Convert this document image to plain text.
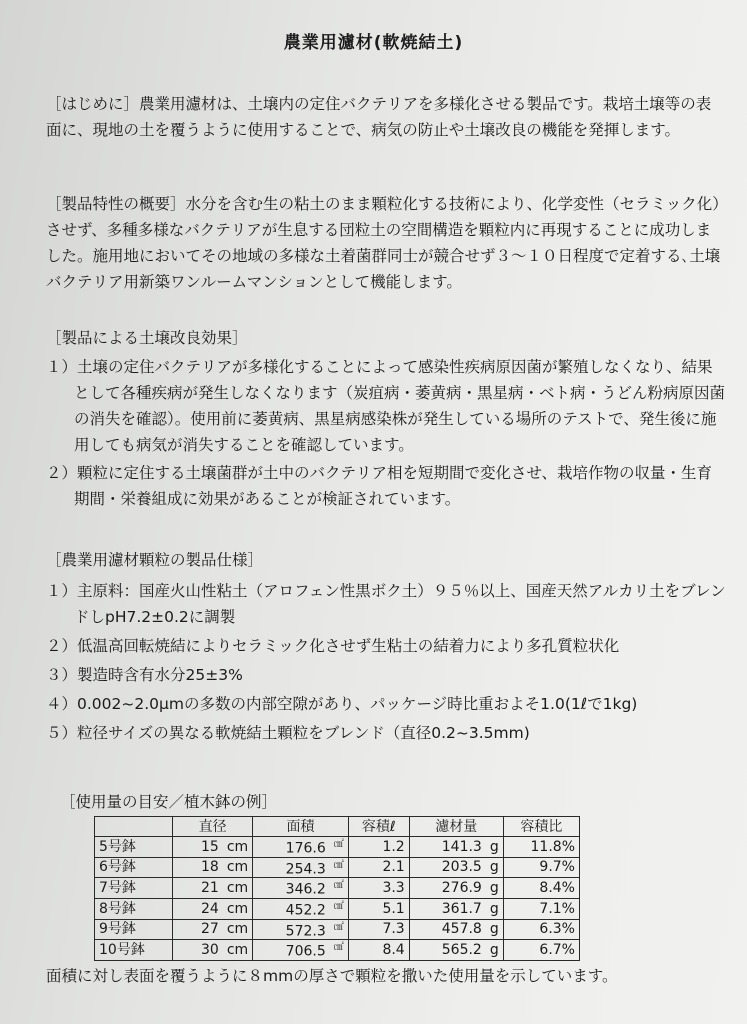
農業用濾材(軟焼結土)

［はじめに］農業用濾材は、土壌内の定住バクテリアを多様化させる製品です。栽培土壌等の表面に、現地の土を覆うように使用することで、病気の防止や土壌改良の機能を発揮します。

［製品特性の概要］水分を含む生の粘土のまま顆粒化する技術により、化学変性（セラミック化）させず、多種多様なバクテリアが生息する団粒土の空間構造を顆粒内に再現することに成功しました。施用地においてその地域の多様な土着菌群同士が競合せず３～１０日程度で定着する､土壌バクテリア用新築ワンルームマンションとして機能します。

［製品による土壌改良効果］
１）土壌の定住バクテリアが多様化することによって感染性疾病原因菌が繁殖しなくなり、結果として各種疾病が発生しなくなります（炭疽病・萎黄病・黒星病・ベト病・うどん粉病原因菌の消失を確認）。使用前に萎黄病、黒星病感染株が発生している場所のテストで、発生後に施用しても病気が消失することを確認しています。
２）顆粒に定住する土壌菌群が土中のバクテリア相を短期間で変化させ、栽培作物の収量・生育期間・栄養組成に効果があることが検証されています。
［農業用濾材顆粒の製品仕様］
１）主原料：国産火山性粘土（アロフェン性黒ボク土）９５％以上、国産天然アルカリ土をブレンドしpH7.2±0.2に調製
２）低温高回転焼結によりセラミック化させず生粘土の結着力により多孔質粒状化
３）製造時含有水分25±3%
４）0.002~2.0μmの多数の内部空隙があり、パッケージ時比重およそ1.0(1ℓで1kg)
５）粒径サイズの異なる軟焼結土顆粒をブレンド（直径0.2~3.5mm)
［使用量の目安／植木鉢の例］
	直径	面積	容積ℓ	濾材量	容積比
5号鉢	15 cm	176.6 ㎠	1.2	141.3 g	11.8%
6号鉢	18 cm	254.3 ㎠	2.1	203.5 g	9.7%
7号鉢	21 cm	346.2 ㎠	3.3	276.9 g	8.4%
8号鉢	24 cm	452.2 ㎠	5.1	361.7 g	7.1%
9号鉢	27 cm	572.3 ㎠	7.3	457.8 g	6.3%
10号鉢	30 cm	706.5 ㎠	8.4	565.2 g	6.7%
面積に対し表面を覆うように８mmの厚さで顆粒を撒いた使用量を示しています。
